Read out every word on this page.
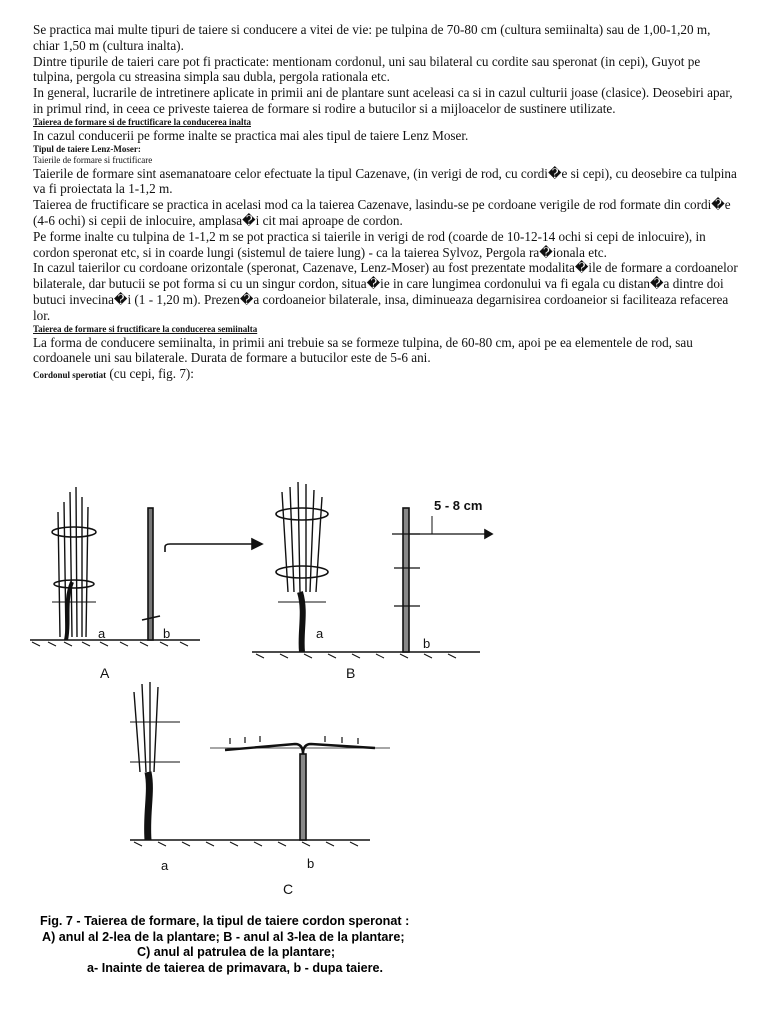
Se practica mai multe tipuri de taiere si conducere a vitei de vie: pe tulpina de 70-80 cm (cultura semiinalta) sau de 1,00-1,20 m, chiar 1,50 m (cultura inalta).

Dintre tipurile de taieri care pot fi practicate: mentionam cordonul, uni sau bilateral cu cordite sau speronat (in cepi), Guyot pe tulpina, pergola cu streasina simpla sau dubla, pergola rationala etc.

In general, lucrarile de intretinere aplicate in primii ani de plantare sunt aceleasi ca si in cazul culturii joase (clasice). Deosebiri apar, in primul rind, in ceea ce priveste taierea de formare si rodire a butucilor si a mijloacelor de sustinere utilizate.

Taierea de formare si de fructificare la conducerea inalta

In cazul conducerii pe forme inalte se practica mai ales tipul de taiere Lenz Moser.

Tipul de taiere Lenz-Moser:

Taierile de formare si fructificare

Taierile de formare sint asemanatoare celor efectuate la tipul Cazenave, (in verigi de rod, cu cordi�e si cepi), cu deosebire ca tulpina va fi proiectata la 1-1,2 m.

Taierea de fructificare se practica in acelasi mod ca la taierea Cazenave, lasindu-se pe cordoane verigile de rod formate din cordi�e (4-6 ochi) si cepii de inlocuire, amplasa�i cit mai aproape de cordon.

Pe forme inalte cu tulpina de 1-1,2 m se pot practica si taierile in verigi de rod (coarde de 10-12-14 ochi si cepi de inlocuire), in cordon speronat etc, si in coarde lungi (sistemul de taiere lung) - ca la taierea Sylvoz, Pergola ra�ionala etc.

In cazul taierilor cu cordoane orizontale (speronat, Cazenave, Lenz-Moser) au fost prezentate modalita�ile de formare a cordoanelor bilaterale, dar butucii se pot forma si cu un singur cordon, situa�ie in care lungimea cordonului va fi egala cu distan�a dintre doi butuci invecina�i (1 - 1,20 m). Prezen�a cordoaneior bilaterale, insa, diminueaza degarnisirea cordoaneior si faciliteaza refacerea lor.

Taierea de formare si fructificare la conducerea semiinalta

La forma de conducere semiinalta, in primii ani trebuie sa se formeze tulpina, de 60-80 cm, apoi pe ea elementele de rod, sau cordoanele uni sau bilaterale. Durata de formare a butucilor este de 5-6 ani.

Cordonul sperotiat (cu cepi, fig. 7):

a	b
A
a
b
B
5 - 8 cm
a	b
C

Fig. 7 - Taierea de formare, la tipul de taiere cordon speronat :

A) anul al 2-lea de la plantare; B - anul al 3-lea de la plantare;

C) anul al patrulea de la plantare;

a- Inainte de taierea de primavara, b - dupa taiere.
